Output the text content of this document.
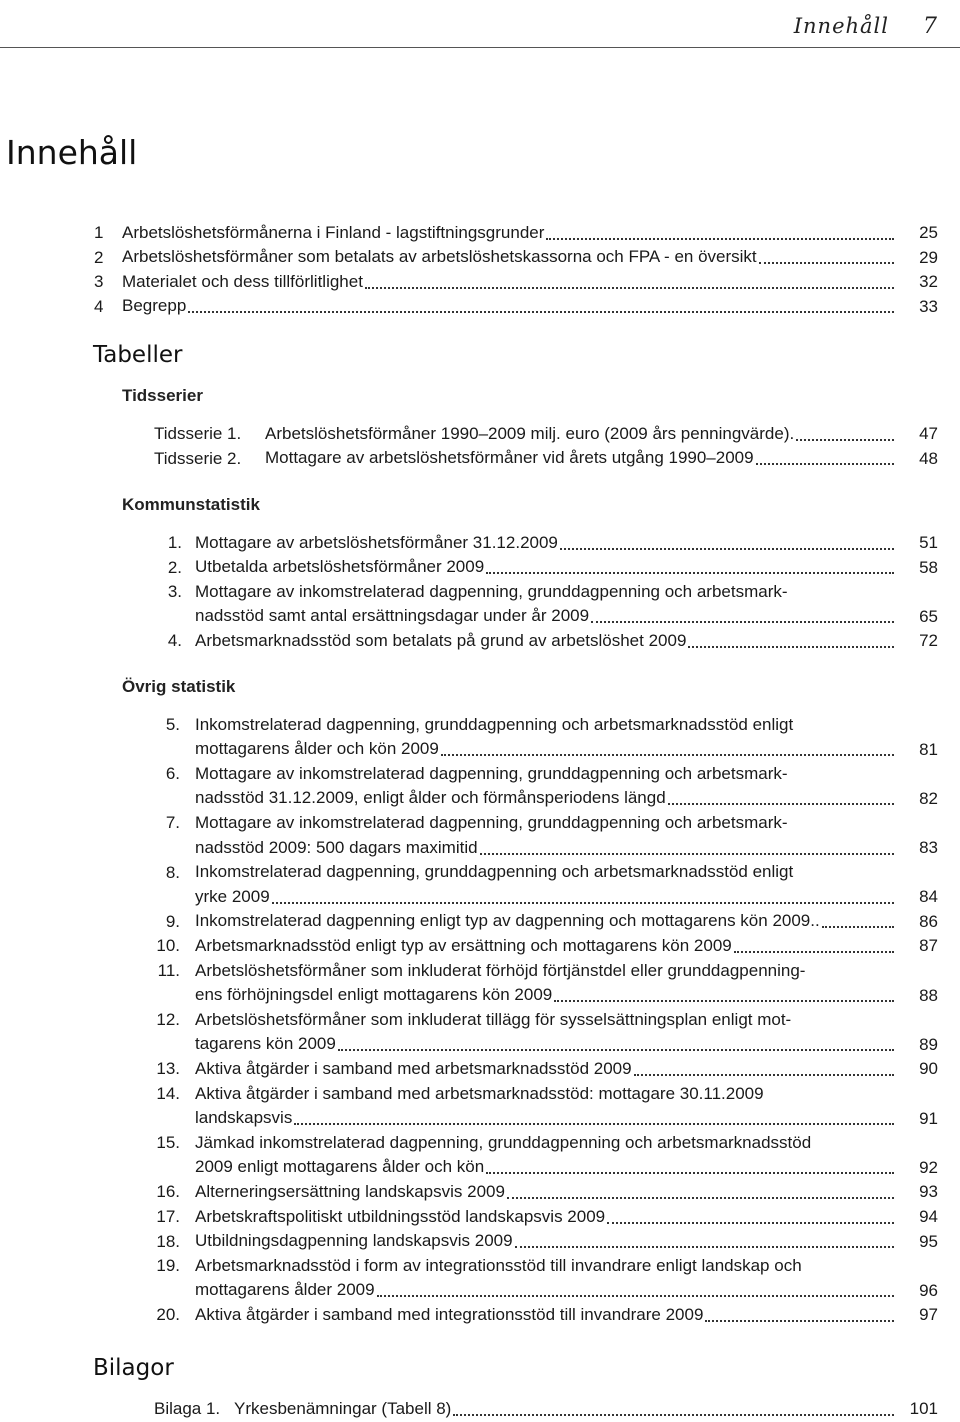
Innehåll 7
Innehåll
1 Arbetslöshetsförmånerna i Finland - lagstiftningsgrunder	25
2 Arbetslöshetsförmåner som betalats av arbetslöshetskassorna och FPA - en översikt	29
3 Materialet och dess tillförlitlighet	32
4 Begrepp	33
Tabeller
Tidsserier
Tidsserie 1. Arbetslöshetsförmåner 1990–2009 milj. euro (2009 års penningvärde).	47
Tidsserie 2. Mottagare av arbetslöshetsförmåner vid årets utgång 1990–2009	48
Kommunstatistik
1. Mottagare av arbetslöshetsförmåner 31.12.2009	51
2. Utbetalda arbetslöshetsförmåner 2009	58
3. Mottagare av inkomstrelaterad dagpenning, grunddagpenning och arbetsmark-
nadsstöd samt antal ersättningsdagar under år 2009	65
4. Arbetsmarknadsstöd som betalats på grund av arbetslöshet 2009	72
Övrig statistik
5. Inkomstrelaterad dagpenning, grunddagpenning och arbetsmarknadsstöd enligt
mottagarens ålder och kön 2009	81
6. Mottagare av inkomstrelaterad dagpenning, grunddagpenning och arbetsmark-
nadsstöd 31.12.2009, enligt ålder och förmånsperiodens längd	82
7. Mottagare av inkomstrelaterad dagpenning, grunddagpenning och arbetsmark-
nadsstöd 2009: 500 dagars maximitid	83
8. Inkomstrelaterad dagpenning, grunddagpenning och arbetsmarknadsstöd enligt
yrke 2009	84
9. Inkomstrelaterad dagpenning enligt typ av dagpenning och mottagarens kön 2009..	86
10. Arbetsmarknadsstöd enligt typ av ersättning och mottagarens kön 2009	87
11. Arbetslöshetsförmåner som inkluderat förhöjd förtjänstdel eller grunddagpenning-
ens förhöjningsdel enligt mottagarens kön 2009	88
12. Arbetslöshetsförmåner som inkluderat tillägg för sysselsättningsplan enligt mot-
tagarens kön 2009	89
13. Aktiva åtgärder i samband med arbetsmarknadsstöd 2009	90
14. Aktiva åtgärder i samband med arbetsmarknadsstöd: mottagare 30.11.2009
landskapsvis	91
15. Jämkad inkomstrelaterad dagpenning, grunddagpenning och arbetsmarknadsstöd
2009 enligt mottagarens ålder och kön	92
16. Alterneringsersättning landskapsvis 2009	93
17. Arbetskraftspolitiskt utbildningsstöd landskapsvis 2009	94
18. Utbildningsdagpenning landskapsvis 2009	95
19. Arbetsmarknadsstöd i form av integrationsstöd till invandrare enligt landskap och
mottagarens ålder 2009	96
20. Aktiva åtgärder i samband med integrationsstöd till invandrare 2009	97
Bilagor
Bilaga 1. Yrkesbenämningar (Tabell 8)	101
